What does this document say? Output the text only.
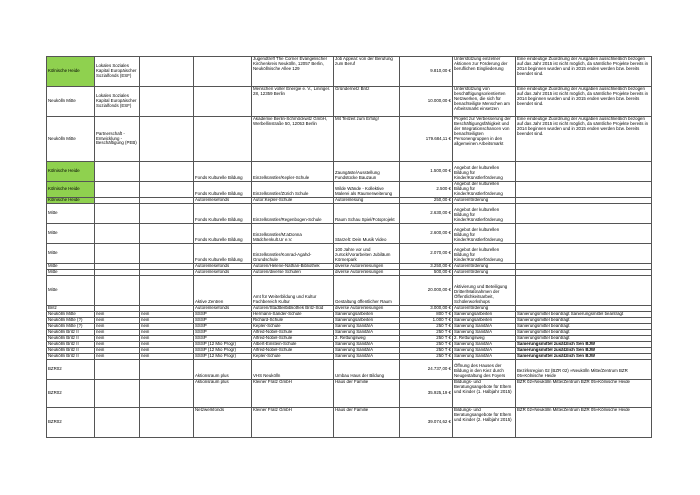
Kölnische Heide	Lokales Soziales Kapital Europäischer Sozialfonds (ESF)			Jugendtreff The Corner Evangelischer Kirchenkreis Neukölln, 12057 Berlin, Neuköllnische Allee 129	Job Appeal: von der Berufung zum Beruf	9.810,00 €	Unterstützung einzelner Aktionen zur Förderung der beruflichen Eingliederung	Eine eindeutige Zuordnung der Ausgaben ausschließlich bezogen auf das Jahr 2015 ist nicht möglich, da sämtliche Projekte bereits in 2014 beginnen wurden und in 2015 enden werden bzw. bereits beendet sind.
Neukölln Mitte	Lokales Soziales Kapital Europäischer Sozialfonds (ESF)			Menschen voller Energie e. V., Lininger. 28, 12359 Berlin	Gründernetz Britz	10.000,00 €	Unterstützung von beschäftigungsorientierten Netzwerken, die sich für benachteiligte Menschen am Arbeitsmarkt einsetzen	Eine eindeutige Zuordnung der Ausgaben ausschließlich bezogen auf das Jahr 2015 ist nicht möglich, da sämtliche Projekte bereits in 2014 beginnen wurden und in 2015 enden werden bzw. bereits beendet sind.
Neukölln Mitte	Partnerschaft - Entwicklung - Beschäftigung (PEB)			Akademie Berlin-Schmöckwitz GmbH, Werbellinstraße 50, 12053 Berlin	Mit Teilzeit zum Erfolg!	179.684,11 €	Projekt zur Verbesserung der Beschäftigungsfähigkeit und der Integrationschancen von benachteiligten Personengruppen in den allgemeinen Arbeitsmarkt	Eine eindeutige Zuordnung der Ausgaben ausschließlich bezogen auf das Jahr 2015 ist nicht möglich, da sämtliche Projekte bereits in 2014 beginnen wurden und in 2015 enden werden bzw. bereits beendet sind.
Kölnische Heide			Fonds Kulturelle Bildung	Einzelkünstler/Kepler-Schule	Zaungäste/Ausstellung Fundstücke Bauzaun	1.500,00 €	Angebot der kulturellen Bildung für Kinder/Künstlerförderung	
Kölnische Heide			Fonds Kulturelle Bildung	Einzelkünstler/Zürich Schule	Wilde Wände - Kollektive Malerei als Raumerweiterung	2.500 €	Angebot der kulturellen Bildung für Kinder/Künstlerförderung	
Kölnische Heide			Autorenlesefonds	Autor:Kepler-Schule	Autorenlesung	250,00 €	Autorenförderung	
Mitte			Fonds Kulturelle Bildung	Einzelkünstler/Regenbogen-Schule	Raum Schau Spiel/Fotoprojekt	2.630,00 €	Angebot der kulturellen Bildung für Kinder/Künstlerförderung	
Mitte			Fonds Kulturelle Bildung	Einzelkünstler/M:aDonna Mädchenkult.Ur e.V.	Starzelt: Dein Musik Video	2.600,00 €	Angebot der kulturellen Bildung für Kinder/Künstlerförderung	
Mitte			Fonds Kulturelle Bildung	Einzelkünstler/Konrad-Agahd-Grundschule	100 Jahre vor und zurück/Vorarbeiten Jubiläum Körnerpark	2.070,00 €	Angebot der kulturellen Bildung für Kinder/Künstlerförderung	
Mitte			Autorenlesefonds	Autoren/Helene-Nathan-Bibliothek	diverse Autorenlesungen	3.250,00 €	Autorenförderung	
Mitte			Autorenlesefonds	Autoren/diverse Schulen	diverse Autorenlesungen	500,00 €	Autorenförderung	
Mitte			Aktive Zentren	Amt für Weiterbildung und Kultur Fachbereich Kultur	Gestaltung öffentlicher Raum	20.000,00 €	Aktivierung und Beteiligung Dritter/Maßnahmen der Öffentlichkeitsarbeit, Schülerworkshops	
Britz			Autorenlesefonds	Autoren/Stadtteilbibliothek Britz-Süd	diverse Autorenlesungen	3.000,00 €	Autorenförderung	
Neukölln Mitte	nein	nein	SSSP	Hermann-Sander-Schule	Sanierungsarbeiten	800 T €	Sanierungsarbeiten	Sanierungsmittel beantragt Sanierungsmittel beantragt
Neukölln Mitte (?)	nein	nein	SSSP	Richard-Schule	Sanierungsarbeiten	1.000 T €	Sanierungsarbeiten	Sanierungsmittel beantragt
Neukölln Mitte (?)	nein	nein	SSSP	Kepler-Schule	Sanierung SanitärA	250 T €	Sanierung SanitärA	Sanierungsmittel beantragt
Neukölln Britz II	nein	nein	SSSP	Alfred-Nobel-Schule	Sanierung SanitärA	250 T €	Sanierung SanitärA	Sanierungsmittel beantragt
Neukölln Britz II	nein	nein	SSSP	Alfred-Nobel-Schule	2. Rettungsweg	250 T €	2. Rettungsweg	Sanierungsmittel beantragt
Neukölln Britz II	nein	nein	SSSP (12 Mio Progr)	Albert-Einstein-Schule	Sanierung SanitärA	250 T €	Sanierung SanitärA	Sanierungsmittel zusätzlich Sen BJW
Neukölln Britz II	nein	nein	SSSP (12 Mio Progr)	Alfred-Nobel-Schule	Sanierung SanitärA	250 T €	Sanierung SanitärA	Sanierungsmittel zusätzlich Sen BJW
Neukölln Britz II	nein	nein	SSSP (12 Mio Progr)	Kepler-Schule	Sanierung SanitärA	250 T €	Sanierung SanitärA	Sanierungsmittel zusätzlich Sen BJW
BZR02			Aktionsraum plus	VHS Neukölln	Umbau Haus der Bildung	24.737,00 €	Öffnung des Hauses der Bildung in den Kiez durch Neugestaltung des Foyers	Bezirksregion 02 (BZR 02) »Neukölln Mitte/Zentrum BZR 05»Kölnische Heide
BZR02			Aktionsraum plus	Kleiner Fratz GmbH	Haus der Familie	35.925,19 €	Bildungs- und Beratungsangebote für Eltern und Kinder (1. Halbjahr 2015)	BZR 02»Neukölln Mitte/Zentrum BZR 05»Kölnische Heide
BZR02			Netzwerkfonds	Kleiner Fratz GmbH	Haus der Familie	39.074,62 €	Bildungs- und Beratungsangebote für Eltern und Kinder (2. Halbjahr 2015)	BZR 02»Neukölln Mitte/Zentrum BZR 05»Kölnische Heide
